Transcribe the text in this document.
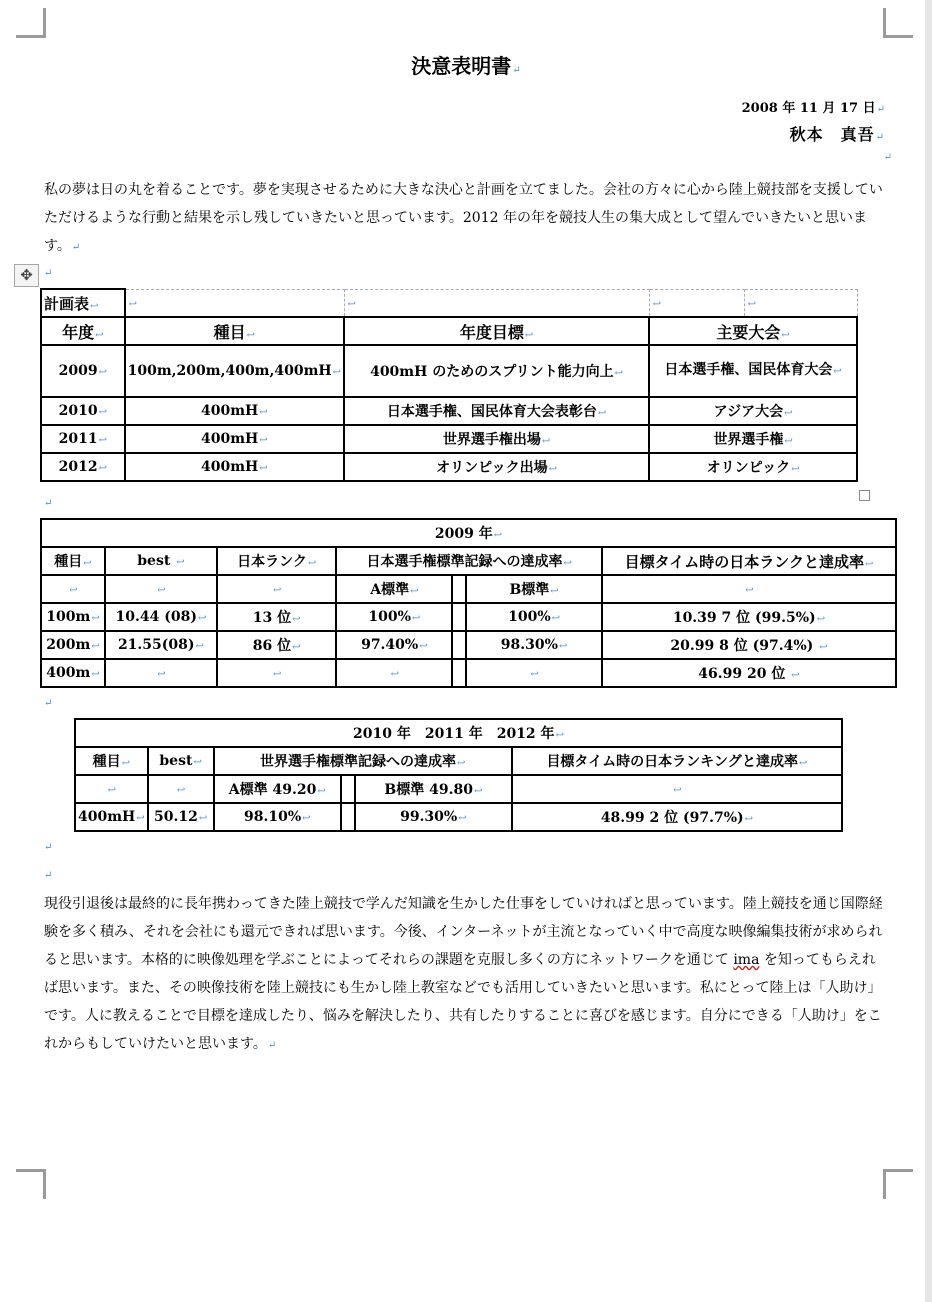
決意表明書↵
2008 年 11 月 17 日↵
秋本　真吾↵
↵
私の夢は日の丸を着ることです。夢を実現させるために大きな決心と計画を立てました。会社の方々に心から陸上競技部を支援していただけるような行動と結果を示し残していきたいと思っています。2012 年の年を競技人生の集大成として望んでいきたいと思います。↵
✥	↵
計画表↩	↩	↩	↩	↩
年度↩	種目↩	年度目標↩	主要大会↩	
2009↩	100m,200m,400m,400mH↩	400mH のためのスプリント能力向上↩	日本選手権、国民体育大会↩	
2010↩	400mH↩	日本選手権、国民体育大会表彰台↩	アジア大会↩	
2011↩	400mH↩	世界選手権出場↩	世界選手権↩	
2012↩	400mH↩	オリンピック出場↩	オリンピック↩	
↵
2009 年↩						
種目↩	best ↩	日本ランク↩	日本選手権標準記録への達成率↩			目標タイム時の日本ランクと達成率↩
↩	↩	↩	A標準↩		B標準↩	↩
100m↩	10.44 (08)↩	13 位↩	100%↩		100%↩	10.39 7 位 (99.5%)↩
200m↩	21.55(08)↩	86 位↩	97.40%↩		98.30%↩	20.99 8 位 (97.4%) ↩
400m↩	↩	↩	↩		↩	46.99 20 位 ↩
↵
2010 年　2011 年　2012 年↩					
種目↩	best↩	世界選手権標準記録への達成率↩			目標タイム時の日本ランキングと達成率↩
↩	↩	A標準 49.20↩		B標準 49.80↩	↩
400mH↩	50.12↩	98.10%↩		99.30%↩	48.99 2 位 (97.7%)↩
↵
↵
現役引退後は最終的に長年携わってきた陸上競技で学んだ知識を生かした仕事をしていければと思っています。陸上競技を通じ国際経験を多く積み、それを会社にも還元できれば思います。今後、インターネットが主流となっていく中で高度な映像編集技術が求められると思います。本格的に映像処理を学ぶことによってそれらの課題を克服し多くの方にネットワークを通じて ima を知ってもらえれば思います。また、その映像技術を陸上競技にも生かし陸上教室などでも活用していきたいと思います。私にとって陸上は「人助け」です。人に教えることで目標を達成したり、悩みを解決したり、共有したりすることに喜びを感じます。自分にできる「人助け」をこれからもしていけたいと思います。↵
